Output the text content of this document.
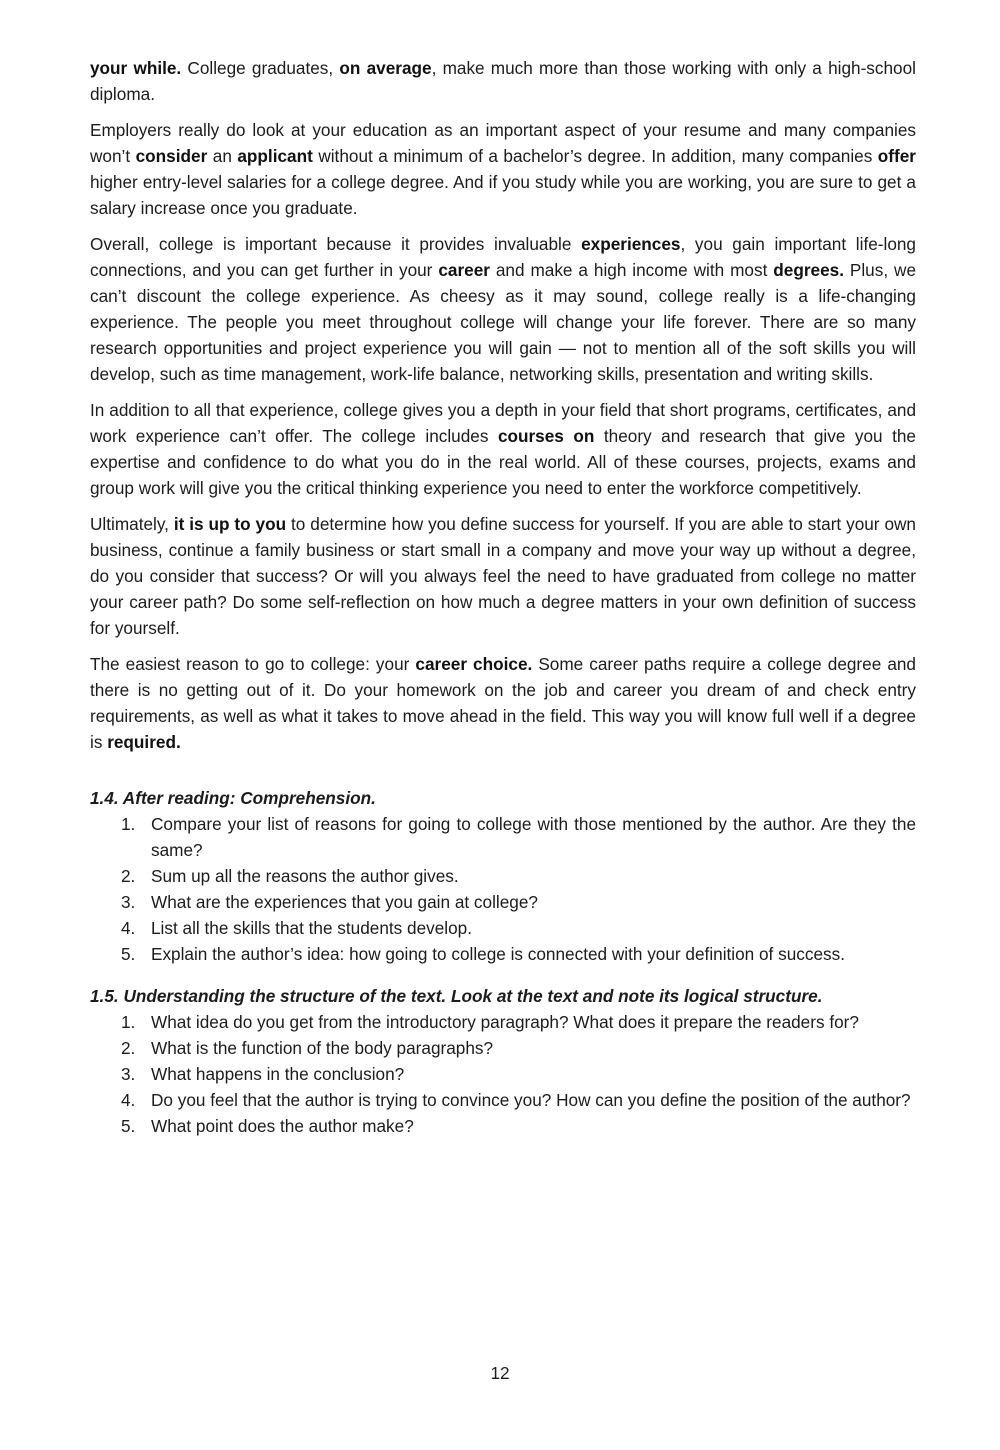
your while. College graduates, on average, make much more than those working with only a high-school diploma.

Employers really do look at your education as an important aspect of your resume and many companies won’t consider an applicant without a minimum of a bachelor’s degree. In addition, many companies offer higher entry-level salaries for a college degree. And if you study while you are working, you are sure to get a salary increase once you graduate.

Overall, college is important because it provides invaluable experiences, you gain important life-long connections, and you can get further in your career and make a high income with most degrees. Plus, we can’t discount the college experience. As cheesy as it may sound, college really is a life-changing experience. The people you meet throughout college will change your life forever. There are so many research opportunities and project experience you will gain — not to mention all of the soft skills you will develop, such as time management, work-life balance, networking skills, presentation and writing skills.

In addition to all that experience, college gives you a depth in your field that short programs, certificates, and work experience can’t offer. The college includes courses on theory and research that give you the expertise and confidence to do what you do in the real world. All of these courses, projects, exams and group work will give you the critical thinking experience you need to enter the workforce competitively.

Ultimately, it is up to you to determine how you define success for yourself. If you are able to start your own business, continue a family business or start small in a company and move your way up without a degree, do you consider that success? Or will you always feel the need to have graduated from college no matter your career path? Do some self-reflection on how much a degree matters in your own definition of success for yourself.

The easiest reason to go to college: your career choice. Some career paths require a college degree and there is no getting out of it. Do your homework on the job and career you dream of and check entry requirements, as well as what it takes to move ahead in the field. This way you will know full well if a degree is required.

1.4. After reading: Comprehension.
1. Compare your list of reasons for going to college with those mentioned by the author. Are they the same?
2. Sum up all the reasons the author gives.
3. What are the experiences that you gain at college?
4. List all the skills that the students develop.
5. Explain the author’s idea: how going to college is connected with your definition of success.
1.5. Understanding the structure of the text. Look at the text and note its logical structure.
1. What idea do you get from the introductory paragraph? What does it prepare the readers for?
2. What is the function of the body paragraphs?
3. What happens in the conclusion?
4. Do you feel that the author is trying to convince you? How can you define the position of the author?
5. What point does the author make?
12
